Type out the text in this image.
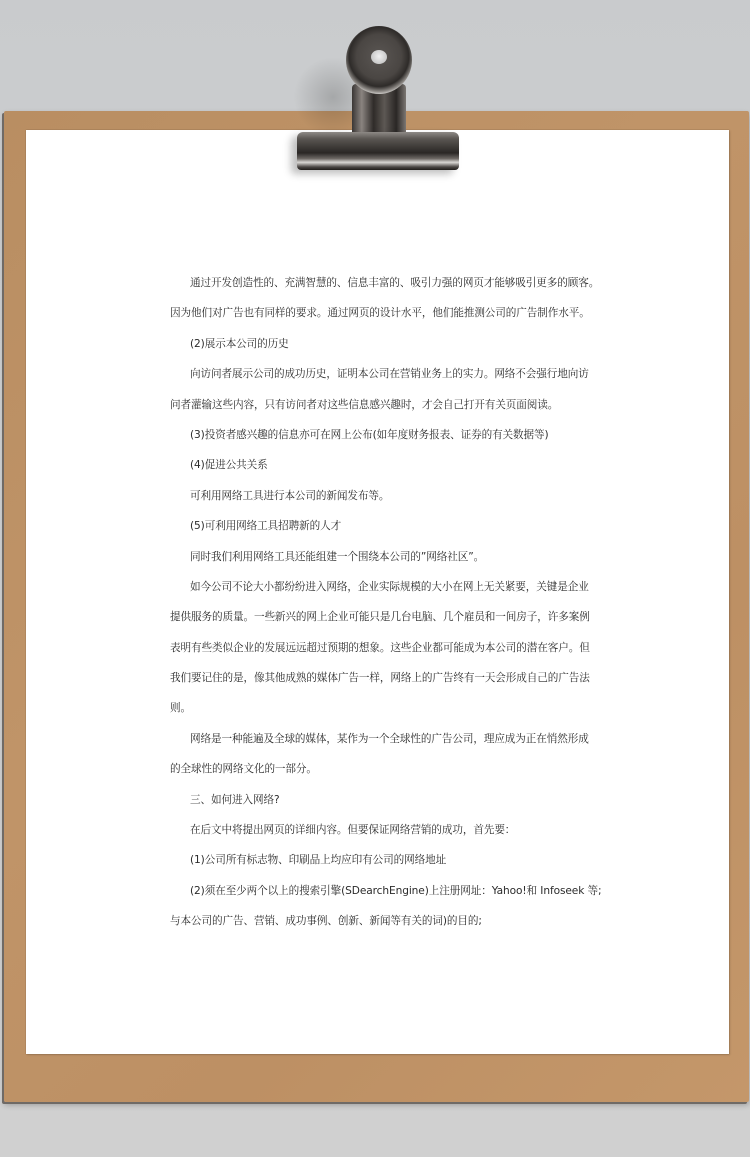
通过开发创造性的、充满智慧的、信息丰富的、吸引力强的网页才能够吸引更多的顾客。
因为他们对广告也有同样的要求。通过网页的设计水平，他们能推测公司的广告制作水平。
(2)展示本公司的历史
向访问者展示公司的成功历史，证明本公司在营销业务上的实力。网络不会强行地向访
问者灌输这些内容，只有访问者对这些信息感兴趣时，才会自己打开有关页面阅读。
(3)投资者感兴趣的信息亦可在网上公布(如年度财务报表、证券的有关数据等)
(4)促进公共关系
可利用网络工具进行本公司的新闻发布等。
(5)可利用网络工具招聘新的人才
同时我们利用网络工具还能组建一个围绕本公司的”网络社区”。
如今公司不论大小都纷纷进入网络，企业实际规模的大小在网上无关紧要，关键是企业
提供服务的质量。一些新兴的网上企业可能只是几台电脑、几个雇员和一间房子，许多案例
表明有些类似企业的发展远远超过预期的想象。这些企业都可能成为本公司的潜在客户。但
我们要记住的是，像其他成熟的媒体广告一样，网络上的广告终有一天会形成自己的广告法
则。
网络是一种能遍及全球的媒体，某作为一个全球性的广告公司，理应成为正在悄然形成
的全球性的网络文化的一部分。
三、如何进入网络?
在后文中将提出网页的详细内容。但要保证网络营销的成功，首先要：
(1)公司所有标志物、印刷品上均应印有公司的网络地址
(2)须在至少两个以上的搜索引擎(SDearchEngine)上注册网址：Yahoo!和 Infoseek 等;
与本公司的广告、营销、成功事例、创新、新闻等有关的词)的目的;
